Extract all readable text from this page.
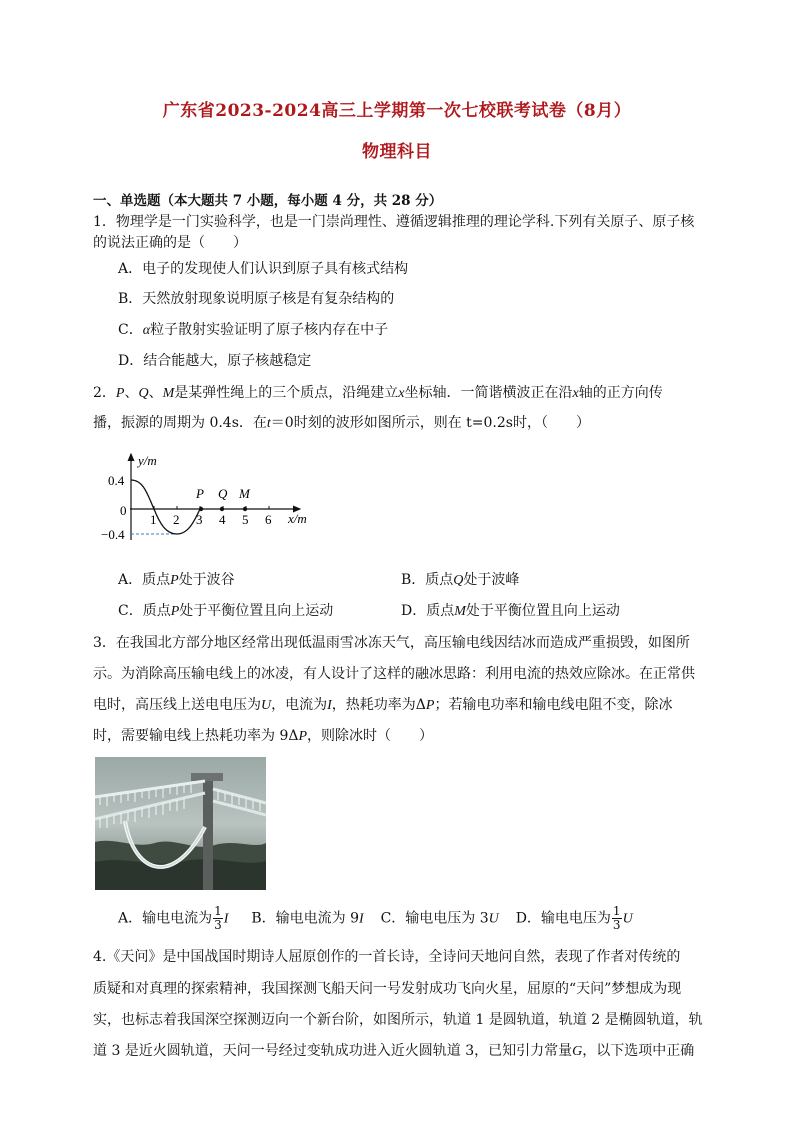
广东省2023-2024高三上学期第一次七校联考试卷（8月）
物理科目
一、单选题（本大题共 7 小题，每小题 4 分，共 28 分）
1．物理学是一门实验科学，也是一门崇尚理性、遵循逻辑推理的理论学科.下列有关原子、原子核
的说法正确的是（　　）
A．电子的发现使人们认识到原子具有核式结构
B．天然放射现象说明原子核是有复杂结构的
C．α粒子散射实验证明了原子核内存在中子
D．结合能越大，原子核越稳定
2．P、Q、M是某弹性绳上的三个质点，沿绳建立x坐标轴．一简谐横波正在沿x轴的正方向传
播，振源的周期为 0.4s．在t＝0时刻的波形如图所示，则在 t=0.2s时，（　　）
y/m
x/m
0.4
0
−0.4
1 2 3 4 5 6
P Q M
A．质点P处于波谷	B．质点Q处于波峰
C．质点P处于平衡位置且向上运动	D．质点M处于平衡位置且向上运动
3．在我国北方部分地区经常出现低温雨雪冰冻天气，高压输电线因结冰而造成严重损毁，如图所
示。为消除高压输电线上的冰凌，有人设计了这样的融冰思路：利用电流的热效应除冰。在正常供
电时，高压线上送电电压为U，电流为I，热耗功率为ΔP；若输电功率和输电线电阻不变，除冰
时，需要输电线上热耗功率为 9ΔP，则除冰时（　　）
A．输电电流为 $\frac{1}{3}$ I B．输电电流为 9I C．输电电压为 3U D．输电电压为 $\frac{1}{3}$ U
4.《天问》是中国战国时期诗人屈原创作的一首长诗，全诗问天地问自然，表现了作者对传统的
质疑和对真理的探索精神，我国探测飞船天问一号发射成功飞向火星，屈原的“天问”梦想成为现
实，也标志着我国深空探测迈向一个新台阶，如图所示，轨道 1 是圆轨道，轨道 2 是椭圆轨道，轨
道 3 是近火圆轨道，天问一号经过变轨成功进入近火圆轨道 3，已知引力常量G，以下选项中正确
